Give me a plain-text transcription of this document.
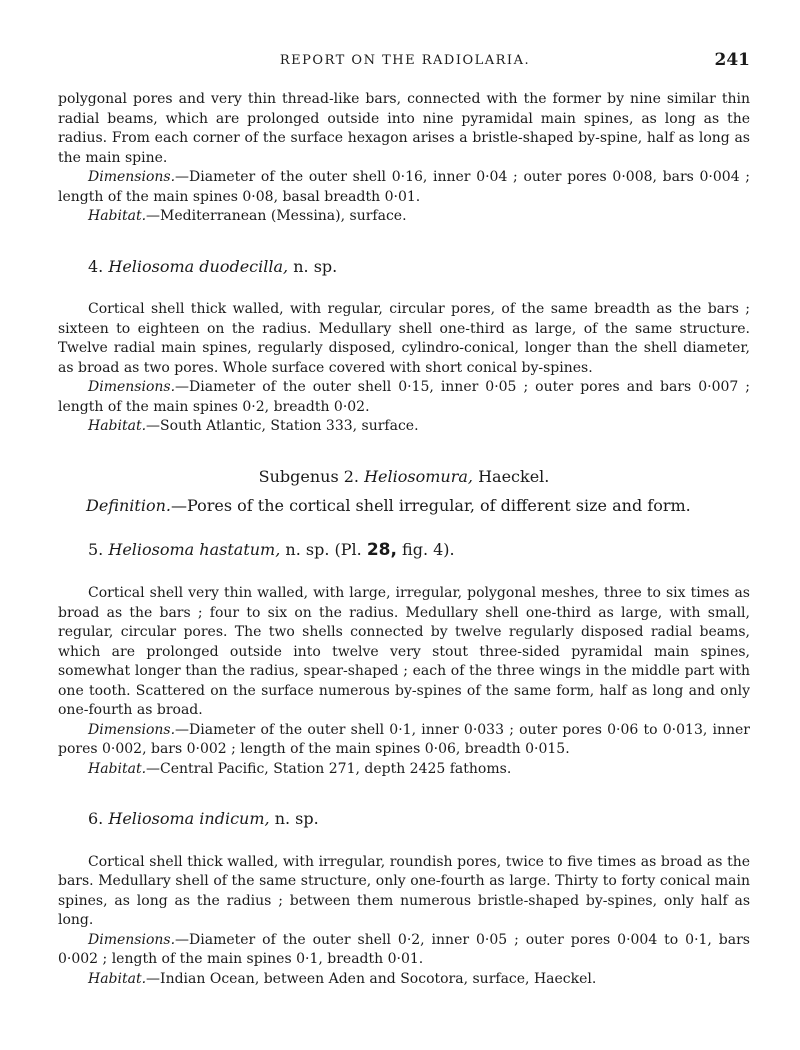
REPORT ON THE RADIOLARIA.	241

polygonal pores and very thin thread-like bars, connected with the former by nine similar thin radial beams, which are prolonged outside into nine pyramidal main spines, as long as the radius. From each corner of the surface hexagon arises a bristle-shaped by-spine, half as long as the main spine.

Dimensions.—Diameter of the outer shell 0·16, inner 0·04 ; outer pores 0·008, bars 0·004 ; length of the main spines 0·08, basal breadth 0·01.

Habitat.—Mediterranean (Messina), surface.

4. Heliosoma duodecilla, n. sp.

Cortical shell thick walled, with regular, circular pores, of the same breadth as the bars ; sixteen to eighteen on the radius. Medullary shell one-third as large, of the same structure. Twelve radial main spines, regularly disposed, cylindro-conical, longer than the shell diameter, as broad as two pores. Whole surface covered with short conical by-spines.

Dimensions.—Diameter of the outer shell 0·15, inner 0·05 ; outer pores and bars 0·007 ; length of the main spines 0·2, breadth 0·02.

Habitat.—South Atlantic, Station 333, surface.

Subgenus 2. Heliosomura, Haeckel.

Definition.—Pores of the cortical shell irregular, of different size and form.

5. Heliosoma hastatum, n. sp. (Pl. 28, fig. 4).

Cortical shell very thin walled, with large, irregular, polygonal meshes, three to six times as broad as the bars ; four to six on the radius. Medullary shell one-third as large, with small, regular, circular pores. The two shells connected by twelve regularly disposed radial beams, which are prolonged outside into twelve very stout three-sided pyramidal main spines, somewhat longer than the radius, spear-shaped ; each of the three wings in the middle part with one tooth. Scattered on the surface numerous by-spines of the same form, half as long and only one-fourth as broad.

Dimensions.—Diameter of the outer shell 0·1, inner 0·033 ; outer pores 0·06 to 0·013, inner pores 0·002, bars 0·002 ; length of the main spines 0·06, breadth 0·015.

Habitat.—Central Pacific, Station 271, depth 2425 fathoms.

6. Heliosoma indicum, n. sp.

Cortical shell thick walled, with irregular, roundish pores, twice to five times as broad as the bars. Medullary shell of the same structure, only one-fourth as large. Thirty to forty conical main spines, as long as the radius ; between them numerous bristle-shaped by-spines, only half as long.

Dimensions.—Diameter of the outer shell 0·2, inner 0·05 ; outer pores 0·004 to 0·1, bars 0·002 ; length of the main spines 0·1, breadth 0·01.

Habitat.—Indian Ocean, between Aden and Socotora, surface, Haeckel.
